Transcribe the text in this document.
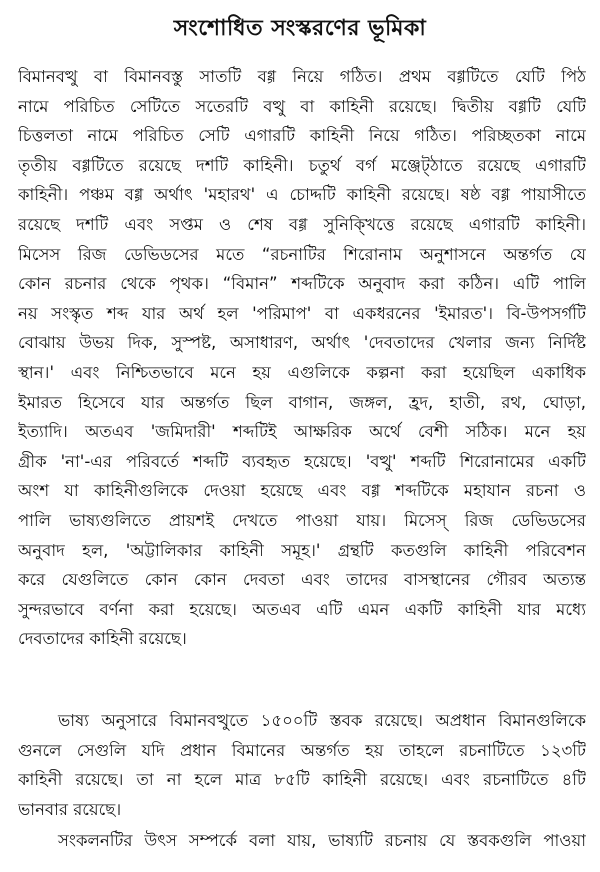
সংশোধিত সংস্করণের ভূমিকা
বিমানবত্থু বা বিমানবস্তু সাতটি বগ্গ নিয়ে গঠিত। প্রথম বগ্গটিতে যেটি পিঠ
নামে পরিচিত সেটিতে সতেরটি বত্থু বা কাহিনী রয়েছে। দ্বিতীয় বগ্গটি যেটি
চিত্তলতা নামে পরিচিত সেটি এগারটি কাহিনী নিয়ে গঠিত। পরিচ্ছতকা নামে
তৃতীয় বগ্গটিতে রয়েছে দশটি কাহিনী। চতুর্থ বর্গ মঞ্জেট্ঠাতে রয়েছে এগারটি
কাহিনী। পঞ্চম বগ্গ অর্থাৎ 'মহারথ' এ চোদ্দটি কাহিনী রয়েছে। ষষ্ঠ বগ্গ পায়াসীতে
রয়েছে দশটি এবং সপ্তম ও শেষ বগ্গ সুনিক্খিত্তে রয়েছে এগারটি কাহিনী।
মিসেস রিজ ডেভিডসের মতে “রচনাটির শিরোনাম অনুশাসনে অন্তর্গত যে
কোন রচনার থেকে পৃথক। “বিমান” শব্দটিকে অনুবাদ করা কঠিন। এটি পালি
নয় সংস্কৃত শব্দ যার অর্থ হল 'পরিমাপ' বা একধরনের 'ইমারত'। বি-উপসর্গটি
বোঝায় উভয় দিক, সুস্পষ্ট, অসাধারণ, অর্থাৎ 'দেবতাদের খেলার জন্য নির্দিষ্ট
স্থান।' এবং নিশ্চিতভাবে মনে হয় এগুলিকে কল্পনা করা হয়েছিল একাধিক
ইমারত হিসেবে যার অন্তর্গত ছিল বাগান, জঙ্গল, হ্রদ, হাতী, রথ, ঘোড়া,
ইত্যাদি। অতএব 'জমিদারী' শব্দটিই আক্ষরিক অর্থে বেশী সঠিক। মনে হয়
গ্রীক 'না'-এর পরিবর্তে শব্দটি ব্যবহৃত হয়েছে। 'বত্থু' শব্দটি শিরোনামের একটি
অংশ যা কাহিনীগুলিকে দেওয়া হয়েছে এবং বগ্গ শব্দটিকে মহাযান রচনা ও
পালি ভাষ্যগুলিতে প্রায়শই দেখতে পাওয়া যায়। মিসেস্ রিজ ডেভিডসের
অনুবাদ হল, 'অট্টালিকার কাহিনী সমূহ।' গ্রন্থটি কতগুলি কাহিনী পরিবেশন
করে যেগুলিতে কোন কোন দেবতা এবং তাদের বাসস্থানের গৌরব অত্যন্ত
সুন্দরভাবে বর্ণনা করা হয়েছে। অতএব এটি এমন একটি কাহিনী যার মধ্যে
দেবতাদের কাহিনী রয়েছে।
ভাষ্য অনুসারে বিমানবত্থুতে ১৫০০টি স্তবক রয়েছে। অপ্রধান বিমানগুলিকে
গুনলে সেগুলি যদি প্রধান বিমানের অন্তর্গত হয় তাহলে রচনাটিতে ১২৩টি
কাহিনী রয়েছে। তা না হলে মাত্র ৮৫টি কাহিনী রয়েছে। এবং রচনাটিতে ৪টি
ভানবার রয়েছে।
সংকলনটির উৎস সম্পর্কে বলা যায়, ভাষ্যটি রচনায় যে স্তবকগুলি পাওয়া
